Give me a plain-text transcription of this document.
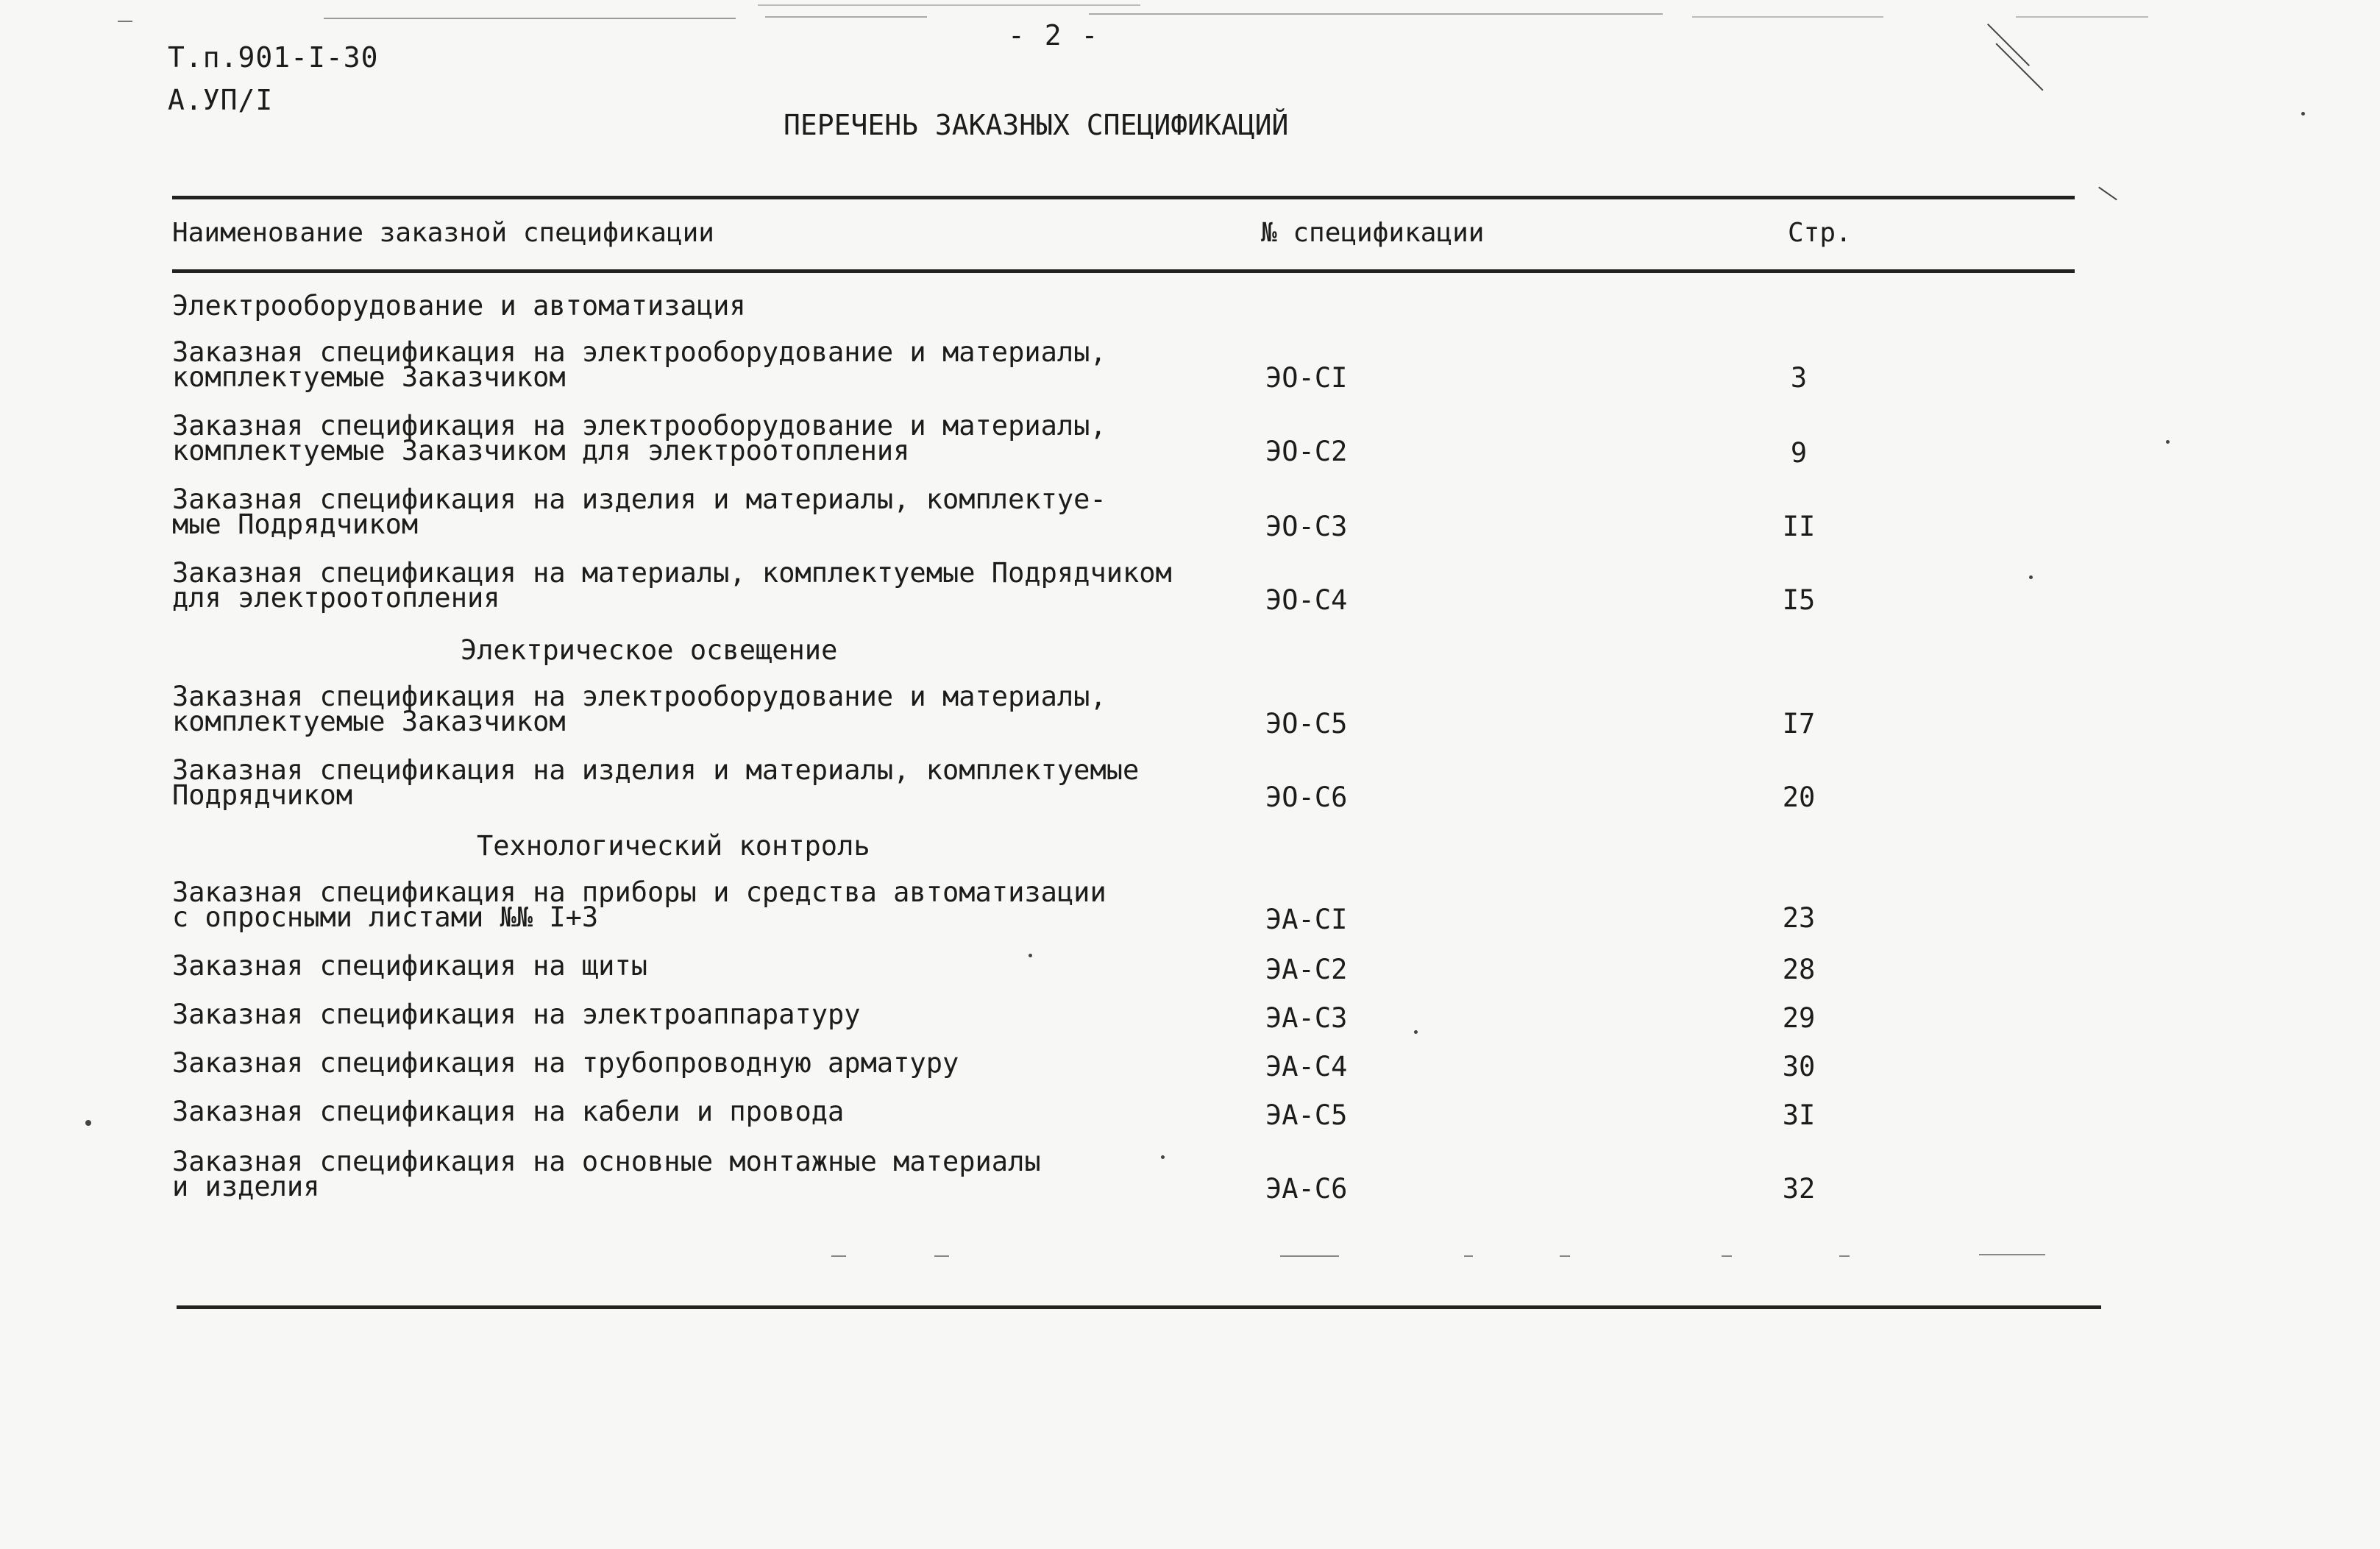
- 2 -
Т.п.901-I-30
А.УП/I
ПЕРЕЧЕНЬ ЗАКАЗНЫХ СПЕЦИФИКАЦИЙ
Наименование заказной спецификации	№ спецификации	Стр.
Электрооборудование и автоматизация
Заказная спецификация на электрооборудование и материалы,
комплектуемые Заказчиком	ЭО-СI	3
Заказная спецификация на электрооборудование и материалы,
комплектуемые Заказчиком для электроотопления	ЭО-С2	9
Заказная спецификация на изделия и материалы, комплектуе-
мые Подрядчиком	ЭО-С3	II
Заказная спецификация на материалы, комплектуемые Подрядчиком
для электроотопления	ЭО-С4	I5
Электрическое освещение
Заказная спецификация на электрооборудование и материалы,
комплектуемые Заказчиком	ЭО-С5	I7
Заказная спецификация на изделия и материалы, комплектуемые
Подрядчиком	ЭО-С6	20
Технологический контроль
Заказная спецификация на приборы и средства автоматизации
с опросными листами №№ I+3	ЭА-СI	23
Заказная спецификация на щиты	ЭА-С2	28
Заказная спецификация на электроаппаратуру	ЭА-С3	29
Заказная спецификация на трубопроводную арматуру	ЭА-С4	30
Заказная спецификация на кабели и провода	ЭА-С5	3I
Заказная спецификация на основные монтажные материалы
и изделия	ЭА-С6	32
